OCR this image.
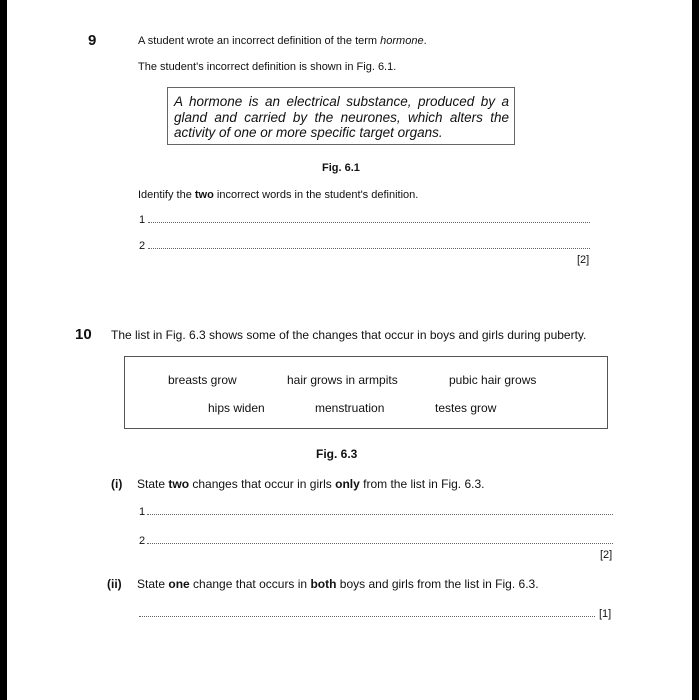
9	A student wrote an incorrect definition of the term hormone.
The student's incorrect definition is shown in Fig. 6.1.
A hormone is an electrical substance, produced by a
gland and carried by the neurones, which alters the
activity of one or more specific target organs.
Fig. 6.1
Identify the two incorrect words in the student's definition.
1
2
[2]
10 The list in Fig. 6.3 shows some of the changes that occur in boys and girls during puberty.
breasts grow	hair grows in armpits	pubic hair grows
hips widen	menstruation	testes grow
Fig. 6.3
(i) State two changes that occur in girls only from the list in Fig. 6.3.
1
2
[2]
(ii) State one change that occurs in both boys and girls from the list in Fig. 6.3.
[1]
